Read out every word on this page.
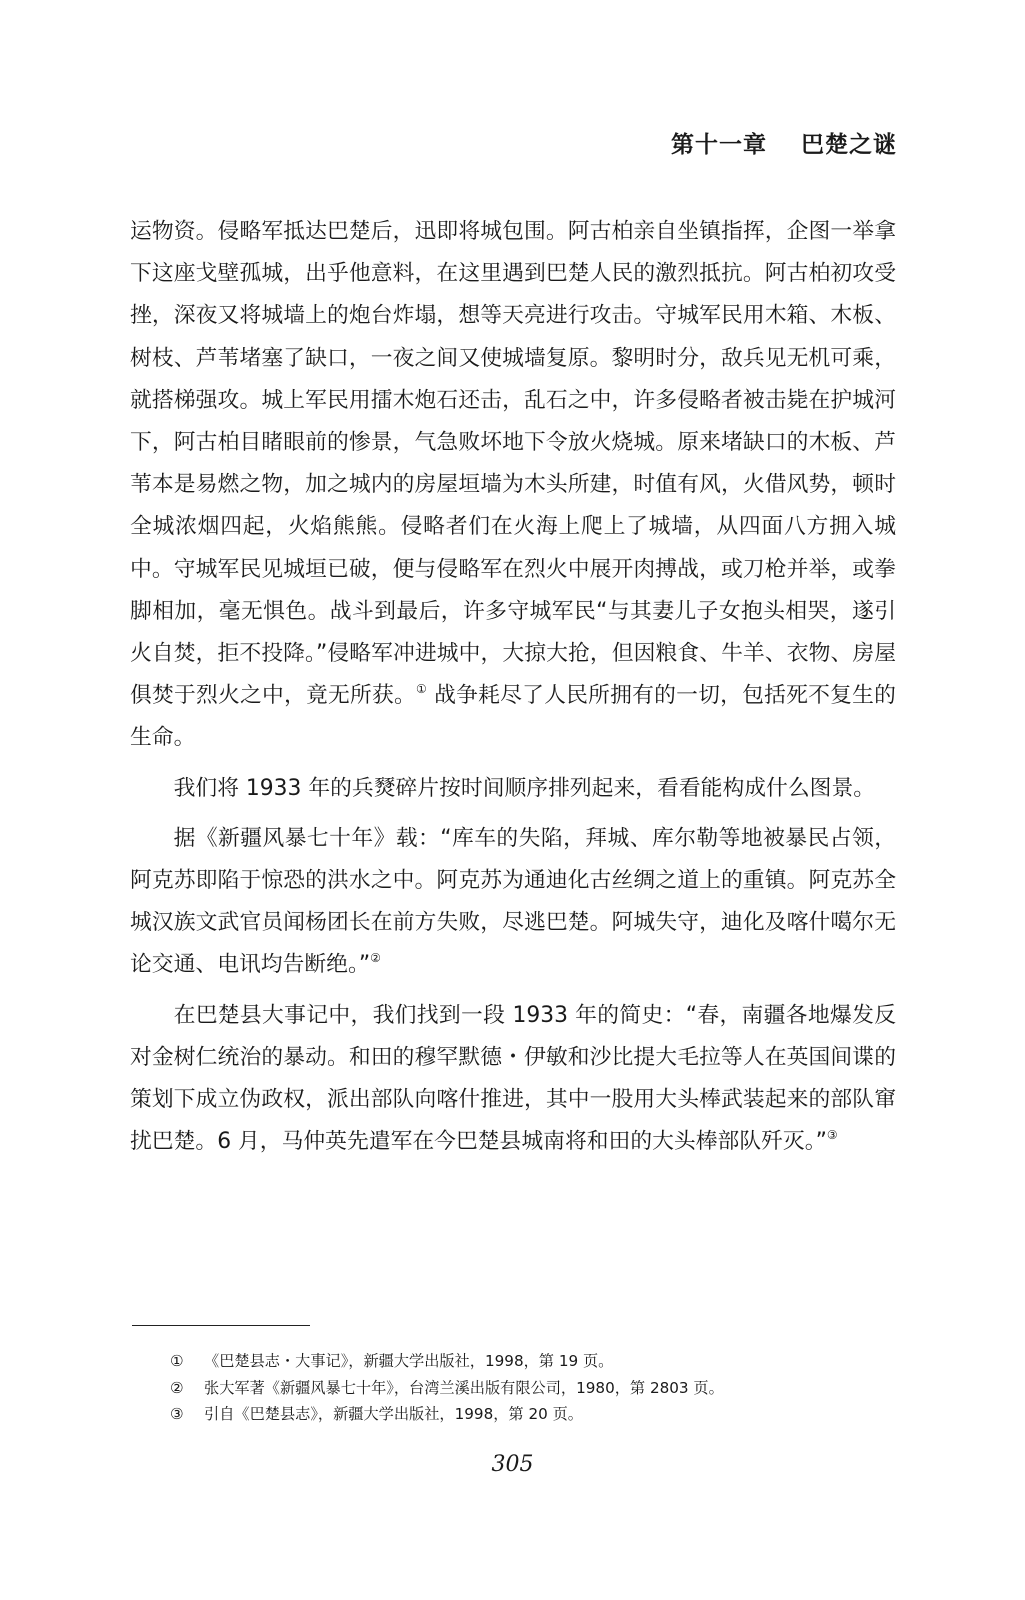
第十一章 巴楚之谜

运物资。侵略军抵达巴楚后，迅即将城包围。阿古柏亲自坐镇指挥，企图一举拿下这座戈壁孤城，出乎他意料，在这里遇到巴楚人民的激烈抵抗。阿古柏初攻受挫，深夜又将城墙上的炮台炸塌，想等天亮进行攻击。守城军民用木箱、木板、树枝、芦苇堵塞了缺口，一夜之间又使城墙复原。黎明时分，敌兵见无机可乘，就搭梯强攻。城上军民用擂木炮石还击，乱石之中，许多侵略者被击毙在护城河下，阿古柏目睹眼前的惨景，气急败坏地下令放火烧城。原来堵缺口的木板、芦苇本是易燃之物，加之城内的房屋垣墙为木头所建，时值有风，火借风势，顿时全城浓烟四起，火焰熊熊。侵略者们在火海上爬上了城墙，从四面八方拥入城中。守城军民见城垣已破，便与侵略军在烈火中展开肉搏战，或刀枪并举，或拳脚相加，毫无惧色。战斗到最后，许多守城军民“与其妻儿子女抱头相哭，遂引火自焚，拒不投降。”侵略军冲进城中，大掠大抢，但因粮食、牛羊、衣物、房屋俱焚于烈火之中，竟无所获。① 战争耗尽了人民所拥有的一切，包括死不复生的生命。

我们将 1933 年的兵燹碎片按时间顺序排列起来，看看能构成什么图景。

据《新疆风暴七十年》载：“库车的失陷，拜城、库尔勒等地被暴民占领，阿克苏即陷于惊恐的洪水之中。阿克苏为通迪化古丝绸之道上的重镇。阿克苏全城汉族文武官员闻杨团长在前方失败，尽逃巴楚。阿城失守，迪化及喀什噶尔无论交通、电讯均告断绝。”②

在巴楚县大事记中，我们找到一段 1933 年的简史：“春，南疆各地爆发反对金树仁统治的暴动。和田的穆罕默德・伊敏和沙比提大毛拉等人在英国间谍的策划下成立伪政权，派出部队向喀什推进，其中一股用大头棒武装起来的部队窜扰巴楚。6 月，马仲英先遣军在今巴楚县城南将和田的大头棒部队歼灭。”③

①	《巴楚县志・大事记》，新疆大学出版社，1998，第 19 页。
②	张大军著《新疆风暴七十年》，台湾兰溪出版有限公司，1980，第 2803 页。
③	引自《巴楚县志》，新疆大学出版社，1998，第 20 页。
305
